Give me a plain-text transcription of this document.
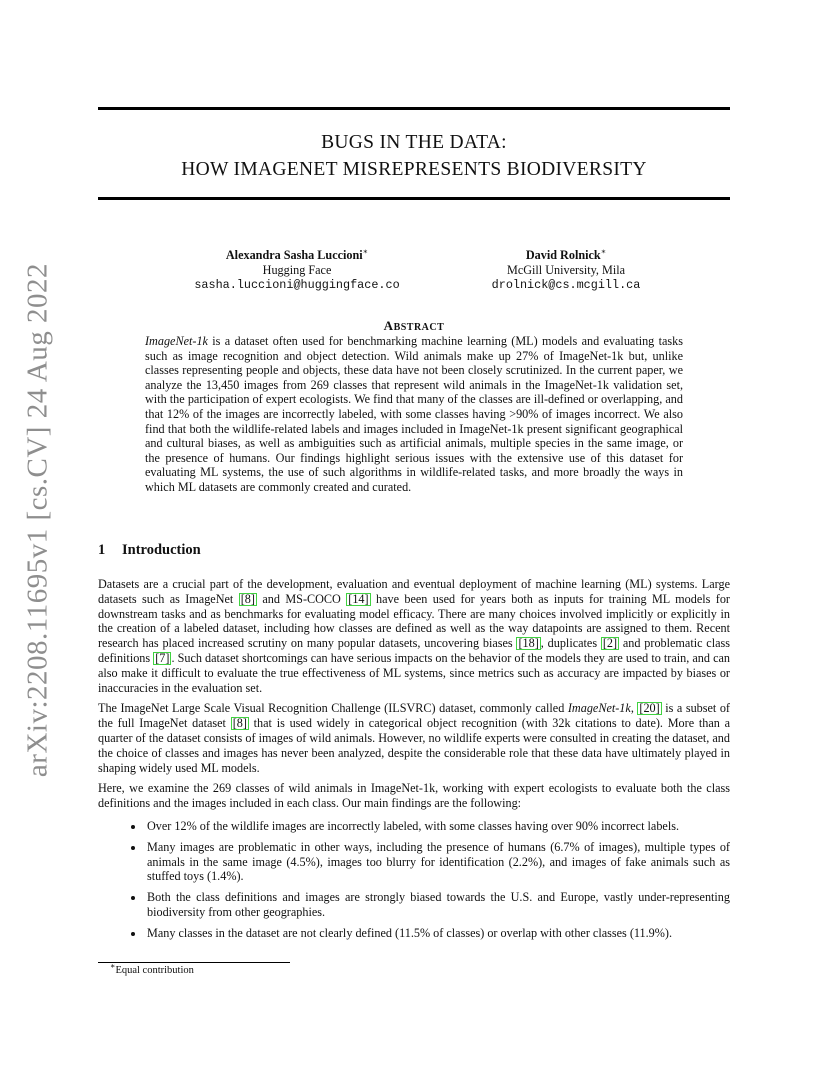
arXiv:2208.11695v1 [cs.CV] 24 Aug 2022
BUGS IN THE DATA:
HOW IMAGENET MISREPRESENTS BIODIVERSITY
Alexandra Sasha Luccioni∗
Hugging Face
sasha.luccioni@huggingface.co
David Rolnick∗
McGill University, Mila
drolnick@cs.mcgill.ca
ABSTRACT

ImageNet-1k is a dataset often used for benchmarking machine learning (ML) models and evaluating tasks such as image recognition and object detection. Wild animals make up 27% of ImageNet-1k but, unlike classes representing people and objects, these data have not been closely scrutinized. In the current paper, we analyze the 13,450 images from 269 classes that represent wild animals in the ImageNet-1k validation set, with the participation of expert ecologists. We find that many of the classes are ill-defined or overlapping, and that 12% of the images are incorrectly labeled, with some classes having >90% of images incorrect. We also find that both the wildlife-related labels and images included in ImageNet-1k present significant geographical and cultural biases, as well as ambiguities such as artificial animals, multiple species in the same image, or the presence of humans. Our findings highlight serious issues with the extensive use of this dataset for evaluating ML systems, the use of such algorithms in wildlife-related tasks, and more broadly the ways in which ML datasets are commonly created and curated.

1 Introduction

Datasets are a crucial part of the development, evaluation and eventual deployment of machine learning (ML) systems. Large datasets such as ImageNet [8] and MS-COCO [14] have been used for years both as inputs for training ML models for downstream tasks and as benchmarks for evaluating model efficacy. There are many choices involved implicitly or explicitly in the creation of a labeled dataset, including how classes are defined as well as the way datapoints are assigned to them. Recent research has placed increased scrutiny on many popular datasets, uncovering biases [18] , duplicates [2] and problematic class definitions [7] . Such dataset shortcomings can have serious impacts on the behavior of the models they are used to train, and can also make it difficult to evaluate the true effectiveness of ML systems, since metrics such as accuracy are impacted by biases or inaccuracies in the evaluation set.

The ImageNet Large Scale Visual Recognition Challenge (ILSVRC) dataset, commonly called ImageNet-1k, [20] is a subset of the full ImageNet dataset [8] that is used widely in categorical object recognition (with 32k citations to date). More than a quarter of the dataset consists of images of wild animals. However, no wildlife experts were consulted in creating the dataset, and the choice of classes and images has never been analyzed, despite the considerable role that these data have ultimately played in shaping widely used ML models.

Here, we examine the 269 classes of wild animals in ImageNet-1k, working with expert ecologists to evaluate both the class definitions and the images included in each class. Our main findings are the following:

• Over 12% of the wildlife images are incorrectly labeled, with some classes having over 90% incorrect labels.
• Many images are problematic in other ways, including the presence of humans (6.7% of images), multiple types of animals in the same image (4.5%), images too blurry for identification (2.2%), and images of fake animals such as stuffed toys (1.4%).
• Both the class definitions and images are strongly biased towards the U.S. and Europe, vastly under-representing biodiversity from other geographies.
• Many classes in the dataset are not clearly defined (11.5% of classes) or overlap with other classes (11.9%).
∗Equal contribution
